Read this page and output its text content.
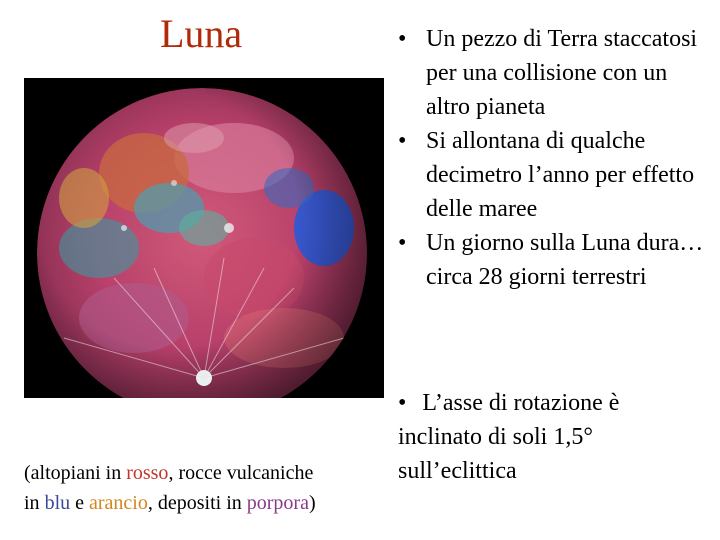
Luna
(altopiani in rosso, rocce vulcaniche
in blu e arancio, depositi in porpora)
• Un pezzo di Terra staccatosi per una collisione con un altro pianeta
• Si allontana di qualche decimetro l’anno per effetto delle maree
• Un giorno sulla Luna dura…
circa 28 giorni terrestri
• L’asse di rotazione è inclinato di soli 1,5° sull’eclittica
